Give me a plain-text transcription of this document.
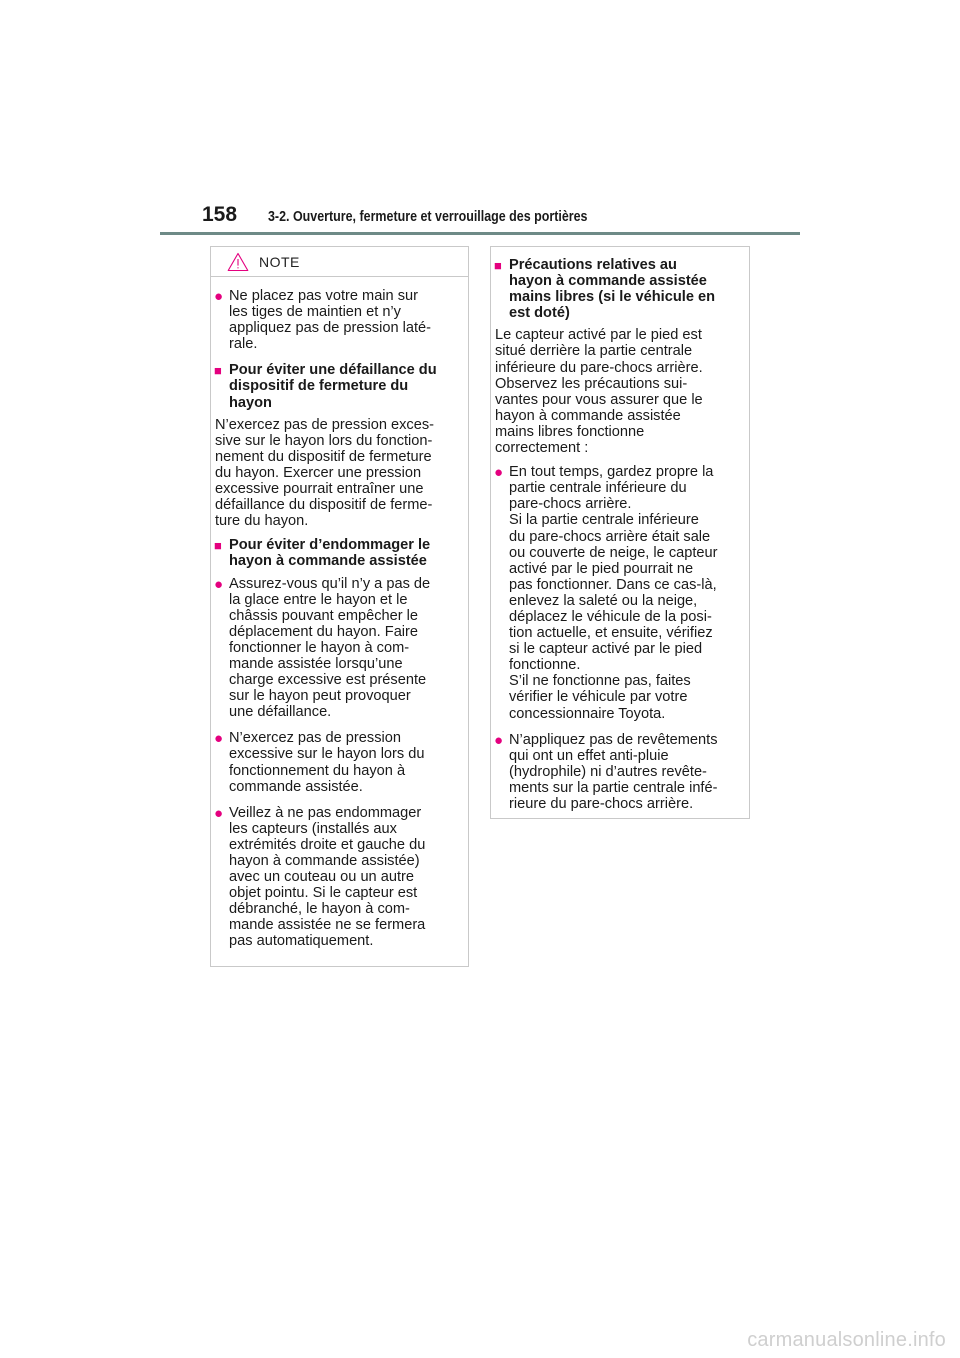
158 3-2. Ouverture, fermeture et verrouillage des portières
NOTE
● Ne placez pas votre main sur
les tiges de maintien et n’y
appliquez pas de pression laté-
rale.
■ Pour éviter une défaillance du
dispositif de fermeture du
hayon
N’exercez pas de pression exces-
sive sur le hayon lors du fonction-
nement du dispositif de fermeture
du hayon. Exercer une pression
excessive pourrait entraîner une
défaillance du dispositif de ferme-
ture du hayon.
■ Pour éviter d’endommager le
hayon à commande assistée
● Assurez-vous qu’il n’y a pas de
la glace entre le hayon et le
châssis pouvant empêcher le
déplacement du hayon. Faire
fonctionner le hayon à com-
mande assistée lorsqu’une
charge excessive est présente
sur le hayon peut provoquer
une défaillance.
● N’exercez pas de pression
excessive sur le hayon lors du
fonctionnement du hayon à
commande assistée.
● Veillez à ne pas endommager
les capteurs (installés aux
extrémités droite et gauche du
hayon à commande assistée)
avec un couteau ou un autre
objet pointu. Si le capteur est
débranché, le hayon à com-
mande assistée ne se fermera
pas automatiquement.
■ Précautions relatives au
hayon à commande assistée
mains libres (si le véhicule en
est doté)
Le capteur activé par le pied est
situé derrière la partie centrale
inférieure du pare-chocs arrière.
Observez les précautions sui-
vantes pour vous assurer que le
hayon à commande assistée
mains libres fonctionne
correctement :
● En tout temps, gardez propre la
partie centrale inférieure du
pare-chocs arrière.
Si la partie centrale inférieure
du pare-chocs arrière était sale
ou couverte de neige, le capteur
activé par le pied pourrait ne
pas fonctionner. Dans ce cas-là,
enlevez la saleté ou la neige,
déplacez le véhicule de la posi-
tion actuelle, et ensuite, vérifiez
si le capteur activé par le pied
fonctionne.
S’il ne fonctionne pas, faites
vérifier le véhicule par votre
concessionnaire Toyota.
● N’appliquez pas de revêtements
qui ont un effet anti-pluie
(hydrophile) ni d’autres revête-
ments sur la partie centrale infé-
rieure du pare-chocs arrière.
carmanualsonline.info
